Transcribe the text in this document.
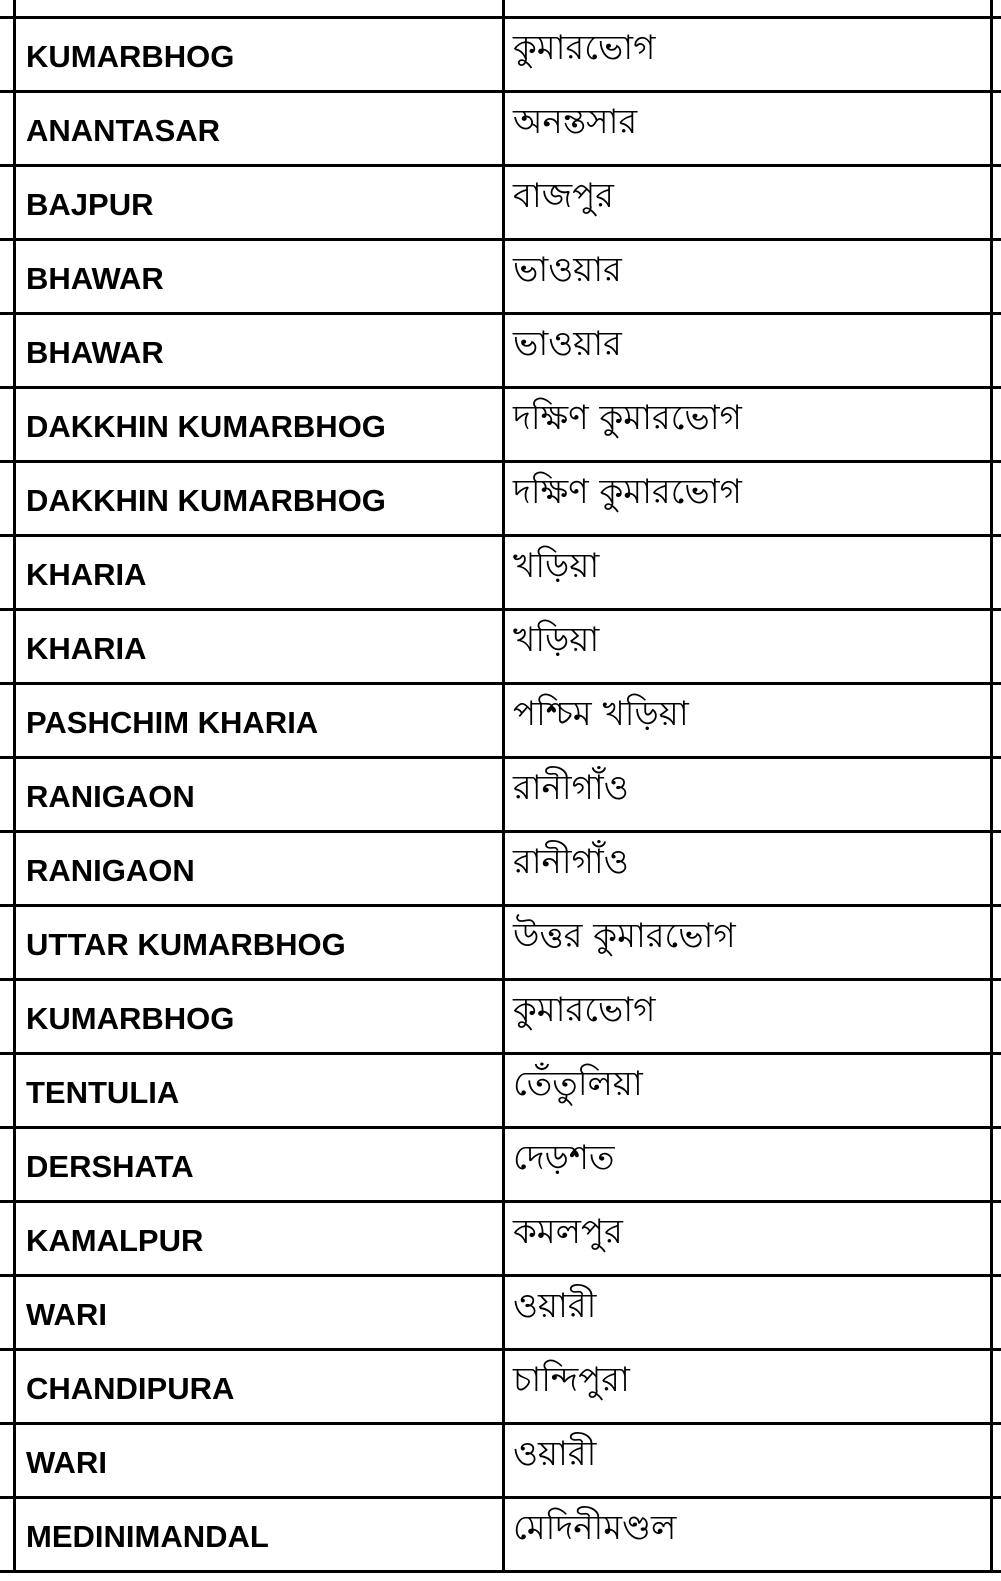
	KUMARBHOG	কুমারভোগ	
	ANANTASAR	অনন্তসার	
	BAJPUR	বাজপুর	
	BHAWAR	ভাওয়ার	
	BHAWAR	ভাওয়ার	
	DAKKHIN KUMARBHOG	দক্ষিণ কুমারভোগ	
	DAKKHIN KUMARBHOG	দক্ষিণ কুমারভোগ	
	KHARIA	খড়িয়া	
	KHARIA	খড়িয়া	
	PASHCHIM KHARIA	পশ্চিম খড়িয়া	
	RANIGAON	রানীগাঁও	
	RANIGAON	রানীগাঁও	
	UTTAR KUMARBHOG	উত্তর কুমারভোগ	
	KUMARBHOG	কুমারভোগ	
	TENTULIA	তেঁতুলিয়া	
	DERSHATA	দেড়শত	
	KAMALPUR	কমলপুর	
	WARI	ওয়ারী	
	CHANDIPURA	চান্দিপুরা	
	WARI	ওয়ারী	
	MEDINIMANDAL	মেদিনীমণ্ডল	
